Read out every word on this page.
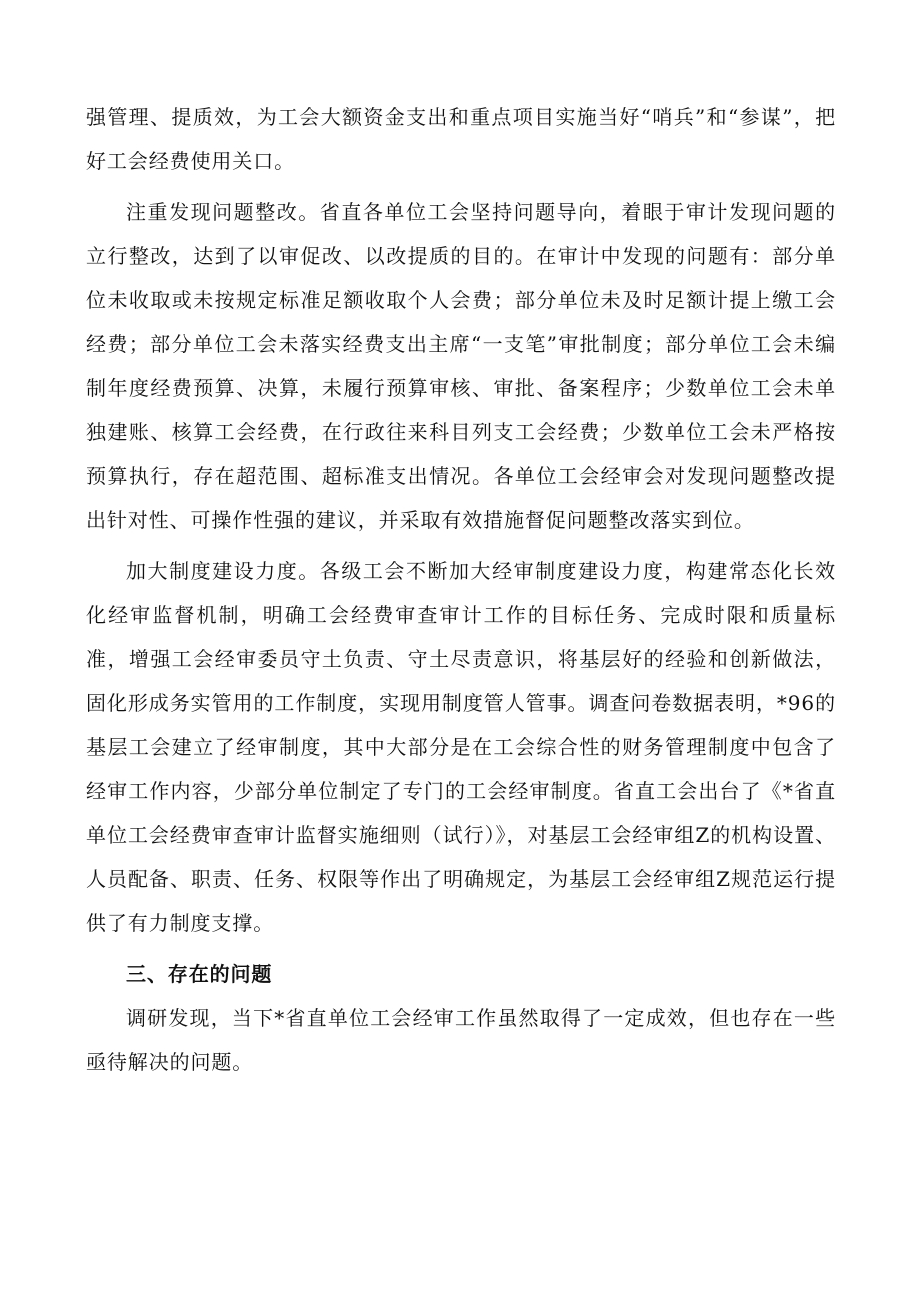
强管理、提质效，为工会大额资金支出和重点项目实施当好“哨兵”和“参谋”，把好工会经费使用关口。

注重发现问题整改。省直各单位工会坚持问题导向，着眼于审计发现问题的立行整改，达到了以审促改、以改提质的目的。在审计中发现的问题有：部分单位未收取或未按规定标准足额收取个人会费；部分单位未及时足额计提上缴工会经费；部分单位工会未落实经费支出主席“一支笔”审批制度；部分单位工会未编制年度经费预算、决算，未履行预算审核、审批、备案程序；少数单位工会未单独建账、核算工会经费，在行政往来科目列支工会经费；少数单位工会未严格按预算执行，存在超范围、超标准支出情况。各单位工会经审会对发现问题整改提出针对性、可操作性强的建议，并采取有效措施督促问题整改落实到位。

加大制度建设力度。各级工会不断加大经审制度建设力度，构建常态化长效化经审监督机制，明确工会经费审查审计工作的目标任务、完成时限和质量标准，增强工会经审委员守土负责、守土尽责意识，将基层好的经验和创新做法，固化形成务实管用的工作制度，实现用制度管人管事。调查问卷数据表明，*96的基层工会建立了经审制度，其中大部分是在工会综合性的财务管理制度中包含了经审工作内容，少部分单位制定了专门的工会经审制度。省直工会出台了《*省直单位工会经费审查审计监督实施细则（试行）》，对基层工会经审组Z的机构设置、人员配备、职责、任务、权限等作出了明确规定，为基层工会经审组Z规范运行提供了有力制度支撑。

三、存在的问题

调研发现，当下*省直单位工会经审工作虽然取得了一定成效，但也存在一些亟待解决的问题。
